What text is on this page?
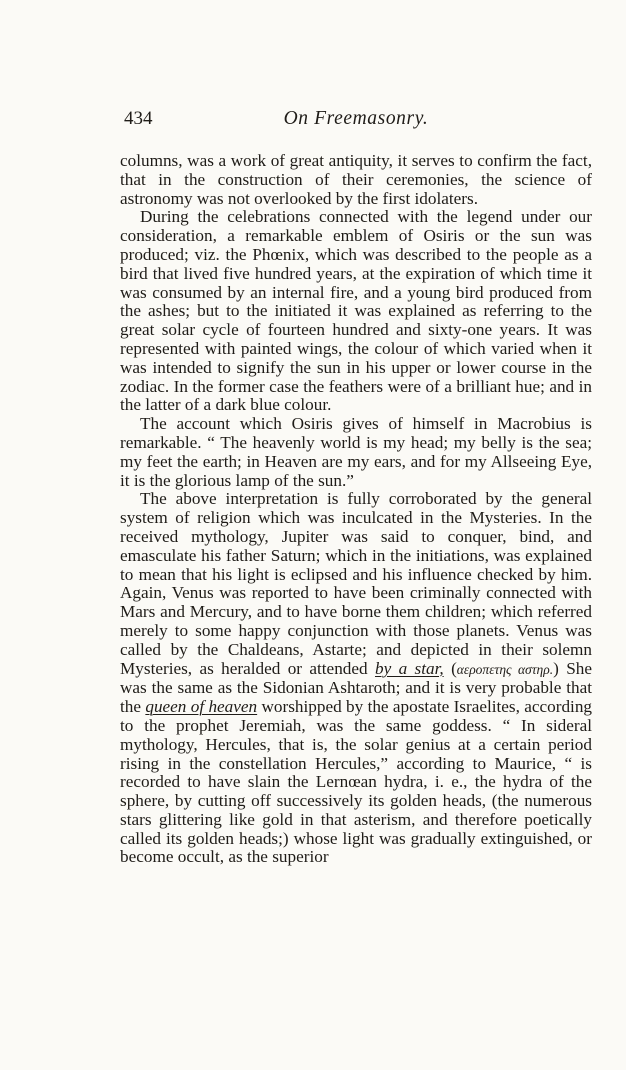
434	On Freemasonry.

columns, was a work of great antiquity, it serves to confirm the fact, that in the construction of their ceremonies, the science of astronomy was not overlooked by the first idolaters.

During the celebrations connected with the legend under our consideration, a remarkable emblem of Osiris or the sun was produced; viz. the Phœnix, which was described to the people as a bird that lived five hundred years, at the expiration of which time it was consumed by an internal fire, and a young bird produced from the ashes; but to the initiated it was explained as referring to the great solar cycle of fourteen hundred and sixty-one years. It was represented with painted wings, the colour of which varied when it was intended to signify the sun in his upper or lower course in the zodiac. In the former case the feathers were of a brilliant hue; and in the latter of a dark blue colour.

The account which Osiris gives of himself in Macrobius is remarkable. “ The heavenly world is my head; my belly is the sea; my feet the earth; in Heaven are my ears, and for my Allseeing Eye, it is the glorious lamp of the sun.”

The above interpretation is fully corroborated by the general system of religion which was inculcated in the Mysteries. In the received mythology, Jupiter was said to conquer, bind, and emasculate his father Saturn; which in the initiations, was explained to mean that his light is eclipsed and his influence checked by him. Again, Venus was reported to have been criminally connected with Mars and Mercury, and to have borne them children; which referred merely to some happy conjunction with those planets. Venus was called by the Chaldeans, Astarte; and depicted in their solemn Mysteries, as heralded or attended by a star, (αεροπετης αστηρ.) She was the same as the Sidonian Ashtaroth; and it is very probable that the queen of heaven worshipped by the apostate Israelites, according to the prophet Jeremiah, was the same goddess. “ In sideral mythology, Hercules, that is, the solar genius at a certain period rising in the constellation Hercules,” according to Maurice, “ is recorded to have slain the Lernœan hydra, i. e., the hydra of the sphere, by cutting off successively its golden heads, (the numerous stars glittering like gold in that asterism, and therefore poetically called its golden heads;) whose light was gradually extinguished, or become occult, as the superior
